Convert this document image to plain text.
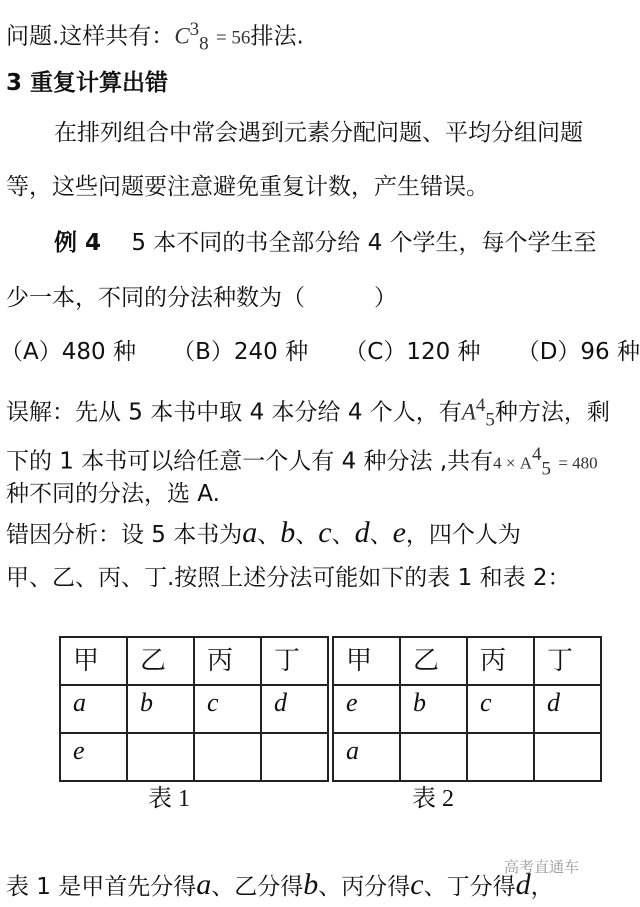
问题.这样共有：$C^3_8 = 56$排法.
3 重复计算出错
在排列组合中常会遇到元素分配问题、平均分组问题
等，这些问题要注意避免重复计数，产生错误。
例 4　 5 本不同的书全部分给 4 个学生，每个学生至
少一本，不同的分法种数为（　　　）
（A）480 种 （B）240 种 （C）120 种 （D）96 种
误解：先从 5 本书中取 4 本分给 4 个人，有$A^4_5$种方法，剩
下的 1 本书可以给任意一个人有 4 种分法 ,共有$4 \times A^4_5 = 480$
种不同的分法，选 A.
错因分析：设 5 本书为a、b、c、d、e，四个人为
甲、乙、丙、丁.按照上述分法可能如下的表 1 和表 2：
甲	乙	丙	丁
a	b	c	d
e			
表 1
甲	乙	丙	丁
e	b	c	d
a			
表 2
高考直通车
表 1 是甲首先分得a、乙分得b、丙分得c、丁分得d，
